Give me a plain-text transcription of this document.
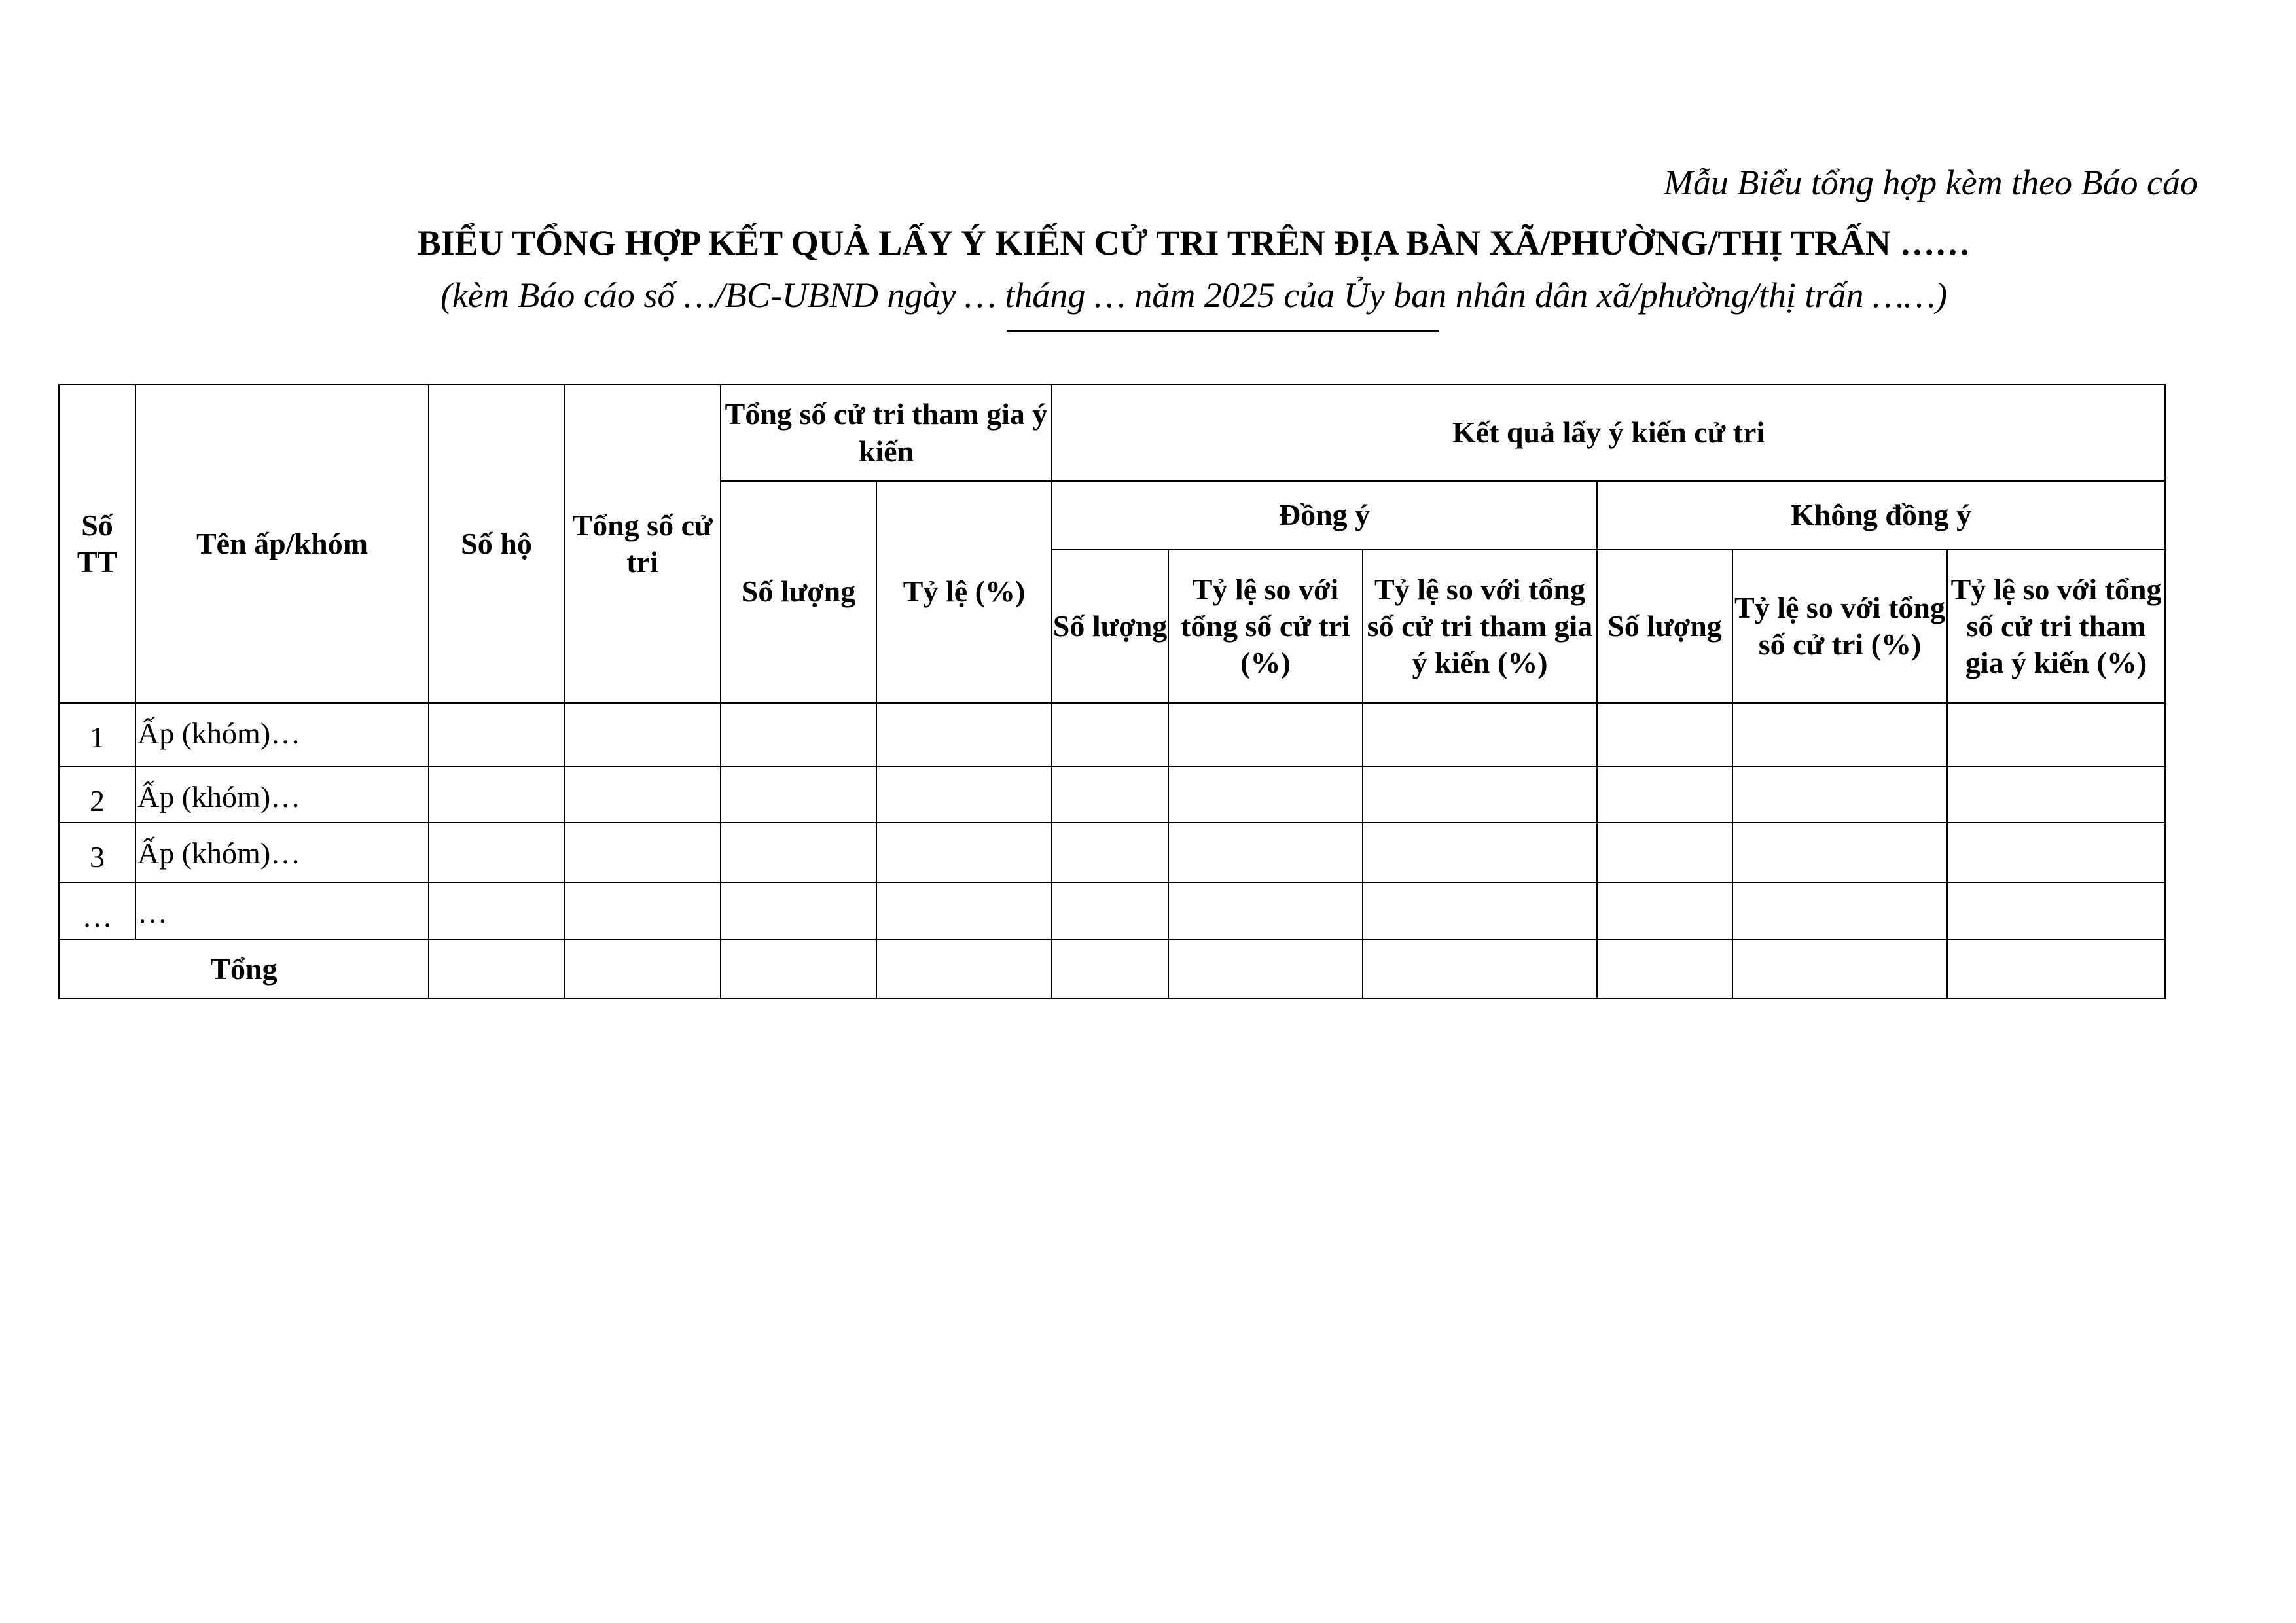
Mẫu Biểu tổng hợp kèm theo Báo cáo
BIỂU TỔNG HỢP KẾT QUẢ LẤY Ý KIẾN CỬ TRI TRÊN ĐỊA BÀN XÃ/PHƯỜNG/THỊ TRẤN ……
(kèm Báo cáo số …/BC-UBND ngày … tháng … năm 2025 của Ủy ban nhân dân xã/phường/thị trấn ……)
Số TT	Tên ấp/khóm	Số hộ	Tổng số cử tri	Tổng số cử tri tham gia ý kiến		Kết quả lấy ý kiến cử tri					
				Số lượng	Tỷ lệ (%)	Đồng ý			Không đồng ý		
						Số lượng	Tỷ lệ so với tổng số cử tri (%)	Tỷ lệ so với tổng số cử tri tham gia ý kiến (%)	Số lượng	Tỷ lệ so với tổng số cử tri (%)	Tỷ lệ so với tổng số cử tri tham gia ý kiến (%)
1	Ấp (khóm)…										
2	Ấp (khóm)…										
3	Ấp (khóm)…										
…	…										
Tổng											
